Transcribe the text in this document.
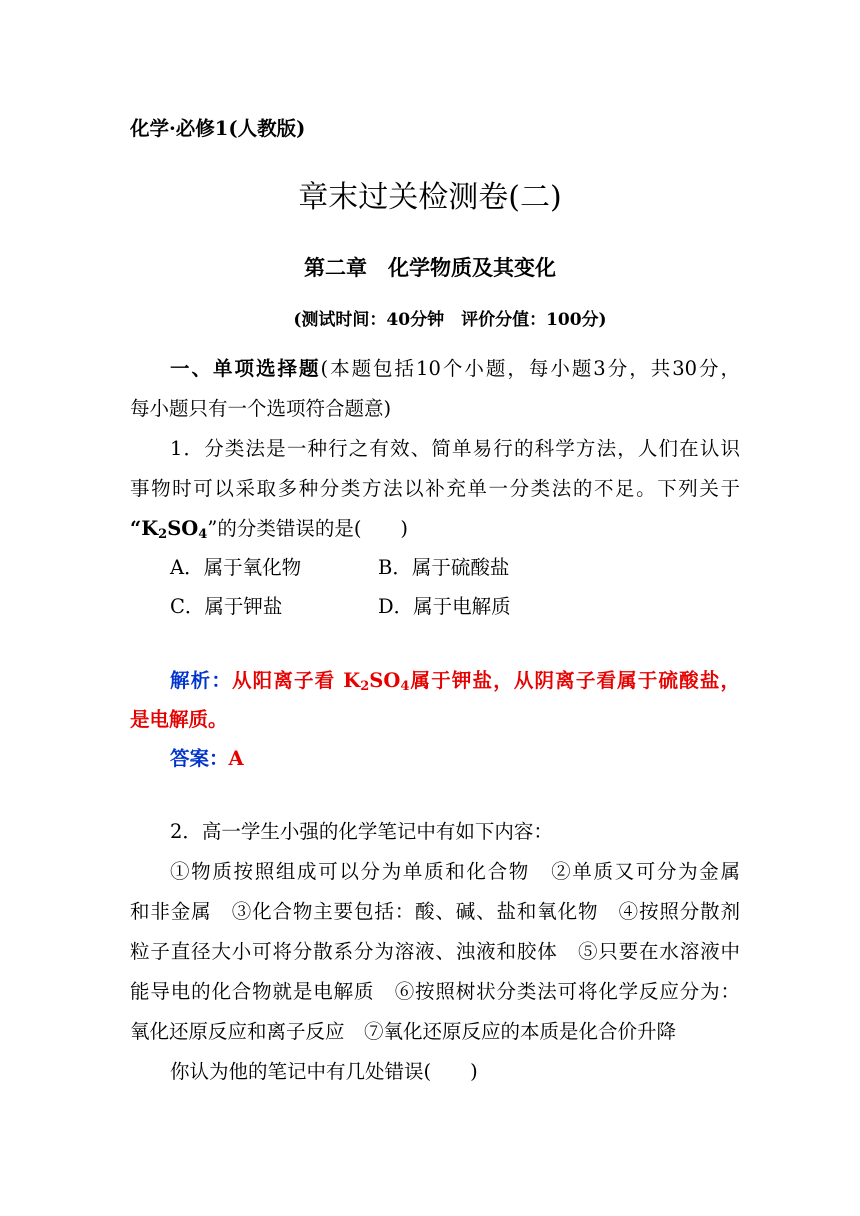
化学·必修1(人教版)
章末过关检测卷(二)
第二章　化学物质及其变化
(测试时间：40分钟　评价分值：100分)
一、单项选择题(本题包括10个小题，每小题3分，共30分，
每小题只有一个选项符合题意)
1．分类法是一种行之有效、简单易行的科学方法，人们在认识
事物时可以采取多种分类方法以补充单一分类法的不足。下列关于
“$K_2SO_4$”的分类错误的是(　　)
A．属于氧化物	B．属于硫酸盐
C．属于钾盐	D．属于电解质
解析：从阳离子看 $K_2SO_4$属于钾盐，从阴离子看属于硫酸盐，
是电解质。
答案：A
2．高一学生小强的化学笔记中有如下内容：
①物质按照组成可以分为单质和化合物　②单质又可分为金属
和非金属　③化合物主要包括：酸、碱、盐和氧化物　④按照分散剂
粒子直径大小可将分散系分为溶液、浊液和胶体　⑤只要在水溶液中
能导电的化合物就是电解质　⑥按照树状分类法可将化学反应分为：
氧化还原反应和离子反应　⑦氧化还原反应的本质是化合价升降
你认为他的笔记中有几处错误(　　)
